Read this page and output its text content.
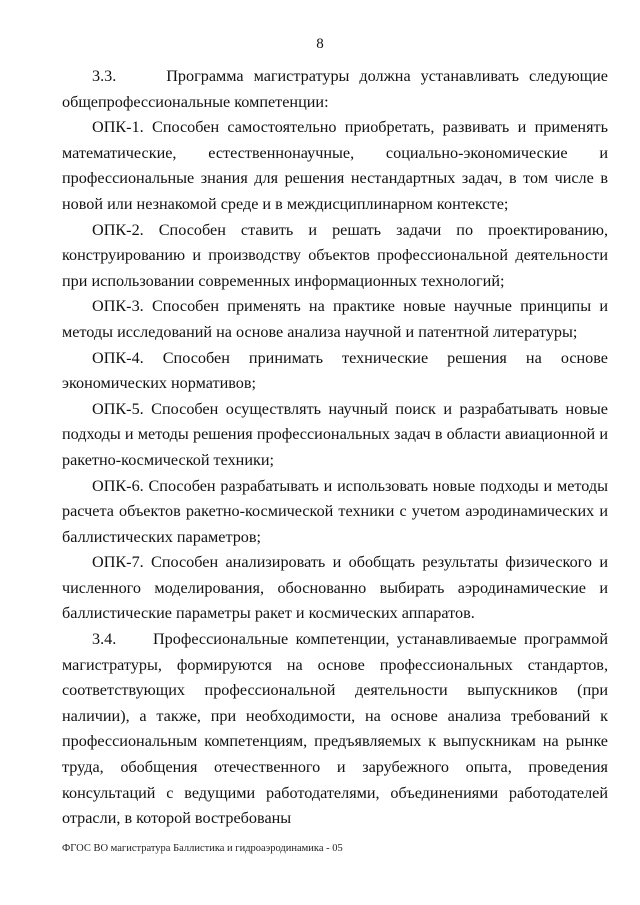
8

3.3.     Программа магистратуры должна устанавливать следующие общепрофессиональные компетенции:

ОПК-1. Способен самостоятельно приобретать, развивать и применять математические, естественнонаучные, социально-экономические и профессиональные знания для решения нестандартных задач, в том числе в новой или незнакомой среде и в междисциплинарном контексте;

ОПК-2. Способен ставить и решать задачи по проектированию, конструированию и производству объектов профессиональной деятельности при использовании современных информационных технологий;

ОПК-3. Способен применять на практике новые научные принципы и методы исследований на основе анализа научной и патентной литературы;

ОПК-4. Способен принимать технические решения на основе экономических нормативов;

ОПК-5. Способен осуществлять научный поиск и разрабатывать новые подходы и методы решения профессиональных задач в области авиационной и ракетно-космической техники;

ОПК-6. Способен разрабатывать и использовать новые подходы и методы расчета объектов ракетно-космической техники с учетом аэродинамических и баллистических параметров;

ОПК-7. Способен анализировать и обобщать результаты физического и численного моделирования, обоснованно выбирать аэродинамические и баллистические параметры ракет и космических аппаратов.

3.4.     Профессиональные компетенции, устанавливаемые программой магистратуры, формируются на основе профессиональных стандартов, соответствующих профессиональной деятельности выпускников (при наличии), а также, при необходимости, на основе анализа требований к профессиональным компетенциям, предъявляемых к выпускникам на рынке труда, обобщения отечественного и зарубежного опыта, проведения консультаций с ведущими работодателями, объединениями работодателей отрасли, в которой востребованы

ФГОС ВО магистратура Баллистика и гидроаэродинамика - 05
